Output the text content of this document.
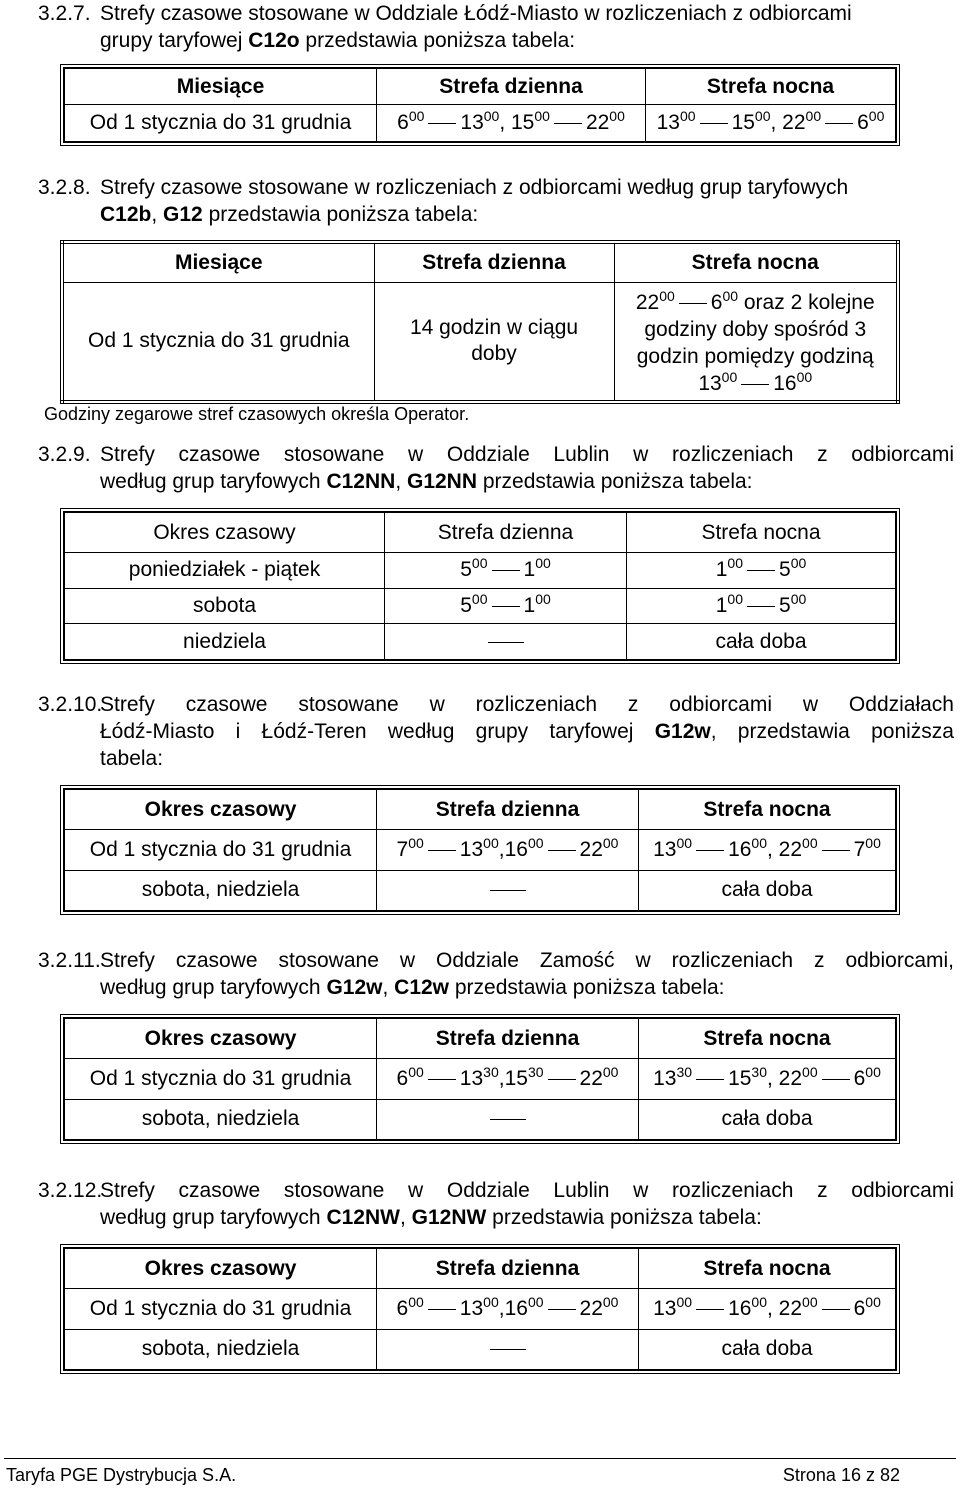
3.2.7. Strefy czasowe stosowane w Oddziale Łódź-Miasto w rozliczeniach z odbiorcami
grupy taryfowej C12o przedstawia poniższa tabela:
Miesiące	Strefa dzienna	Strefa nocna
Od 1 stycznia do 31 grudnia	$6^{00}$ $13^{00}$, $15^{00}$ $22^{00}$	$13^{00}$ $15^{00}$, $22^{00}$ $6^{00}$
3.2.8. Strefy czasowe stosowane w rozliczeniach z odbiorcami według grup taryfowych
C12b, G12 przedstawia poniższa tabela:
Miesiące	Strefa dzienna	Strefa nocna
Od 1 stycznia do 31 grudnia	14 godzin w ciągu doby	$22^{00}$ $6^{00}$ oraz 2 kolejne
godziny doby spośród 3
godzin pomiędzy godziną
$13^{00}$ $16^{00}$
Godziny zegarowe stref czasowych określa Operator.
3.2.9. Strefy czasowe stosowane w Oddziale Lublin w rozliczeniach z odbiorcami
według grup taryfowych C12NN, G12NN przedstawia poniższa tabela:
Okres czasowy	Strefa dzienna	Strefa nocna
poniedziałek - piątek	$5^{00}$ $1^{00}$	$1^{00}$ $5^{00}$
sobota	$5^{00}$ $1^{00}$	$1^{00}$ $5^{00}$
niedziela		cała doba
3.2.10.
Strefy czasowe stosowane w rozliczeniach z odbiorcami w Oddziałach
Łódź-Miasto i Łódź-Teren według grupy taryfowej G12w, przedstawia poniższa
tabela:
Okres czasowy	Strefa dzienna	Strefa nocna
Od 1 stycznia do 31 grudnia	$7^{00}$ $13^{00},16^{00}$ $22^{00}$	$13^{00}$ $16^{00}$, $22^{00}$ $7^{00}$
sobota, niedziela		cała doba
3.2.11. Strefy czasowe stosowane w Oddziale Zamość w rozliczeniach z odbiorcami,
według grup taryfowych G12w, C12w przedstawia poniższa tabela:
Okres czasowy	Strefa dzienna	Strefa nocna
Od 1 stycznia do 31 grudnia	$6^{00}$ $13^{30},15^{30}$ $22^{00}$	$13^{30}$ $15^{30}$, $22^{00}$ $6^{00}$
sobota, niedziela		cała doba
3.2.12.
Strefy czasowe stosowane w Oddziale Lublin w rozliczeniach z odbiorcami
według grup taryfowych C12NW, G12NW przedstawia poniższa tabela:
Okres czasowy	Strefa dzienna	Strefa nocna
Od 1 stycznia do 31 grudnia	$6^{00}$ $13^{00},16^{00}$ $22^{00}$	$13^{00}$ $16^{00}$, $22^{00}$ $6^{00}$
sobota, niedziela		cała doba
Taryfa PGE Dystrybucja S.A.	Strona 16 z 82
